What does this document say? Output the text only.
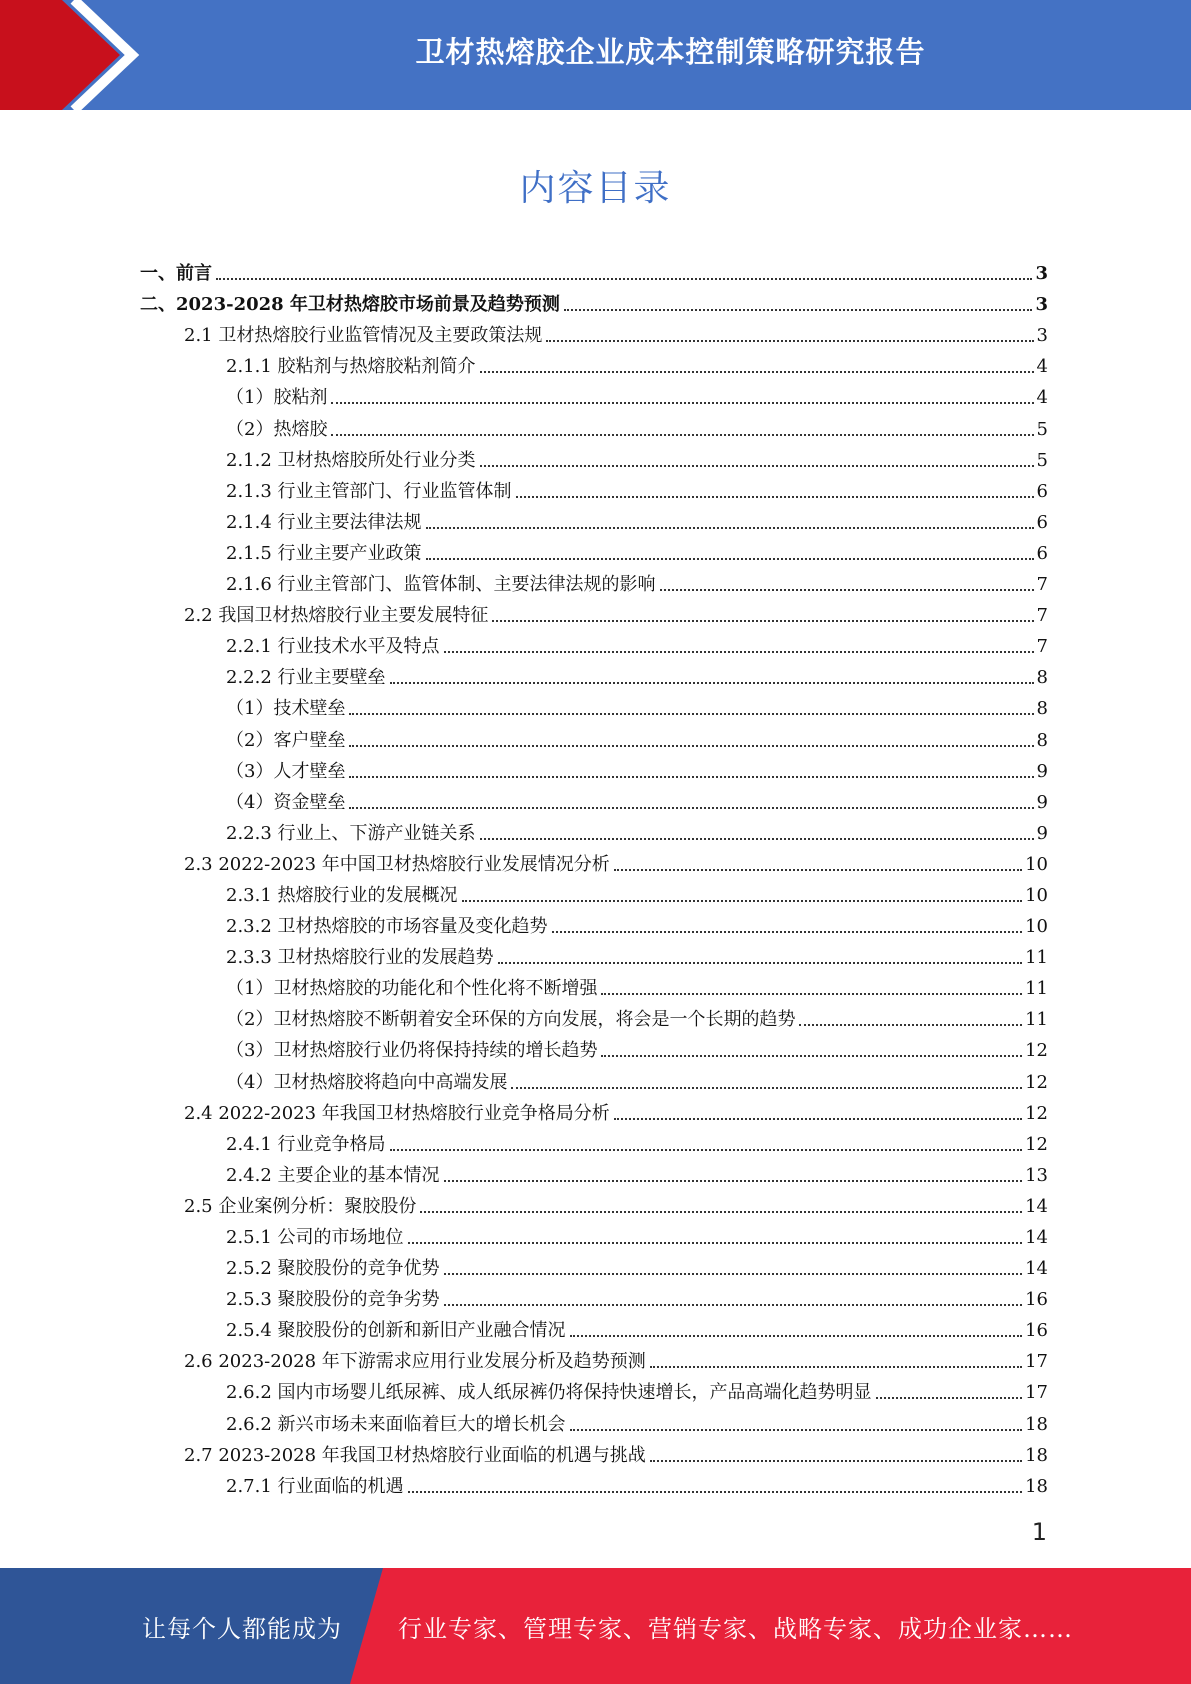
卫材热熔胶企业成本控制策略研究报告
内容目录
一、前言	3
二、2023-2028 年卫材热熔胶市场前景及趋势预测	3
2.1 卫材热熔胶行业监管情况及主要政策法规	3
2.1.1 胶粘剂与热熔胶粘剂简介	4
（1）胶粘剂	4
（2）热熔胶	5
2.1.2 卫材热熔胶所处行业分类	5
2.1.3 行业主管部门、行业监管体制	6
2.1.4 行业主要法律法规	6
2.1.5 行业主要产业政策	6
2.1.6 行业主管部门、监管体制、主要法律法规的影响	7
2.2 我国卫材热熔胶行业主要发展特征	7
2.2.1 行业技术水平及特点	7
2.2.2 行业主要壁垒	8
（1）技术壁垒	8
（2）客户壁垒	8
（3）人才壁垒	9
（4）资金壁垒	9
2.2.3 行业上、下游产业链关系	9
2.3 2022-2023 年中国卫材热熔胶行业发展情况分析	10
2.3.1 热熔胶行业的发展概况	10
2.3.2 卫材热熔胶的市场容量及变化趋势	10
2.3.3 卫材热熔胶行业的发展趋势	11
（1）卫材热熔胶的功能化和个性化将不断增强	11
（2）卫材热熔胶不断朝着安全环保的方向发展，将会是一个长期的趋势	11
（3）卫材热熔胶行业仍将保持持续的增长趋势	12
（4）卫材热熔胶将趋向中高端发展	12
2.4 2022-2023 年我国卫材热熔胶行业竞争格局分析	12
2.4.1 行业竞争格局	12
2.4.2 主要企业的基本情况	13
2.5 企业案例分析：聚胶股份	14
2.5.1 公司的市场地位	14
2.5.2 聚胶股份的竞争优势	14
2.5.3 聚胶股份的竞争劣势	16
2.5.4 聚胶股份的创新和新旧产业融合情况	16
2.6 2023-2028 年下游需求应用行业发展分析及趋势预测	17
2.6.2 国内市场婴儿纸尿裤、成人纸尿裤仍将保持快速增长，产品高端化趋势明显	17
2.6.2 新兴市场未来面临着巨大的增长机会	18
2.7 2023-2028 年我国卫材热熔胶行业面临的机遇与挑战	18
2.7.1 行业面临的机遇	18
1
让每个人都能成为 行业专家、管理专家、营销专家、战略专家、成功企业家……
